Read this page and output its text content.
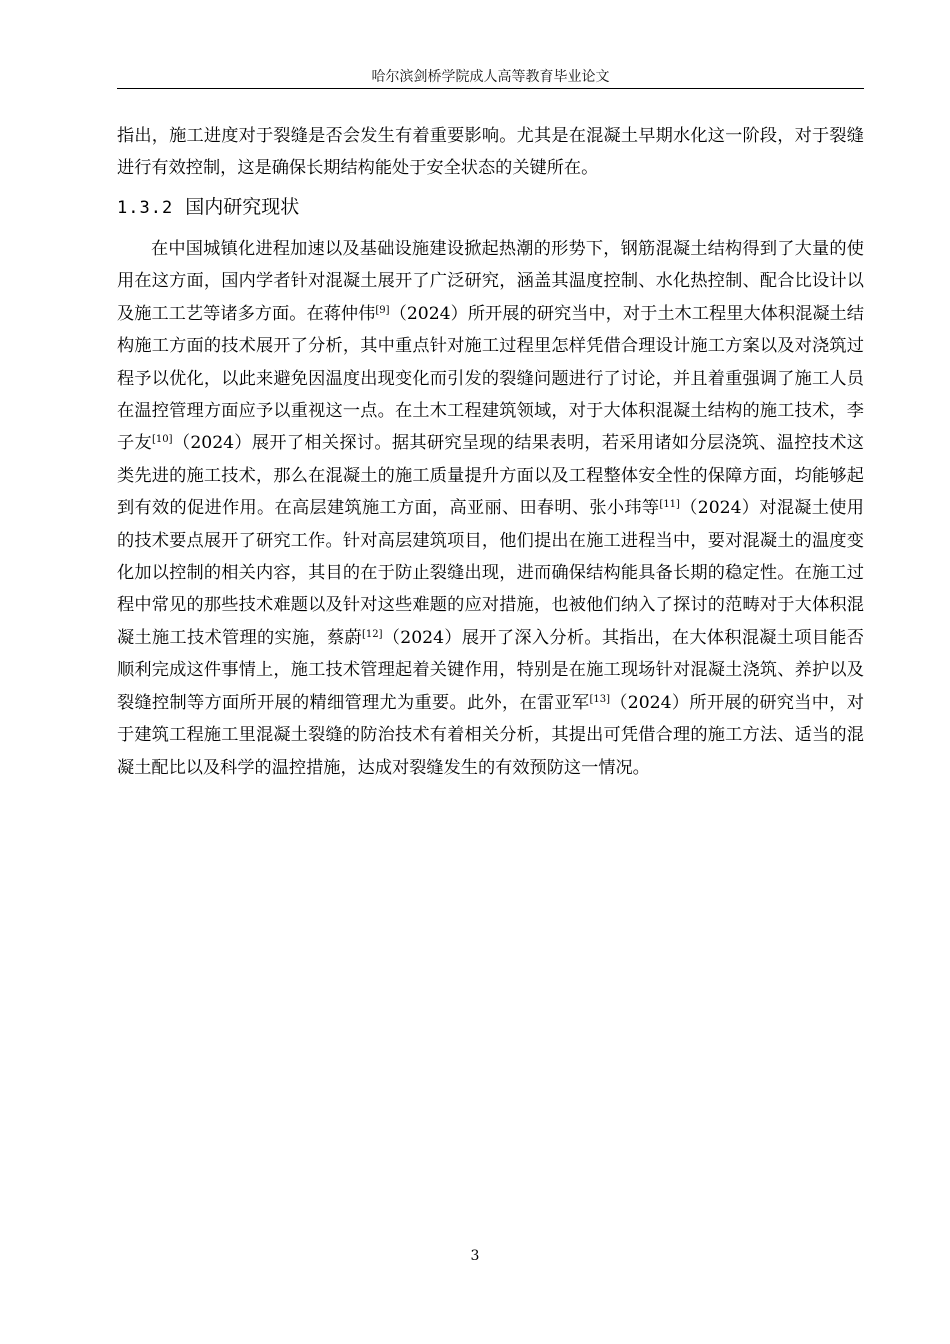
哈尔滨剑桥学院成人高等教育毕业论文

指出，施工进度对于裂缝是否会发生有着重要影响。尤其是在混凝土早期水化这一阶段，对于裂缝进行有效控制，这是确保长期结构能处于安全状态的关键所在。

1.3.2 国内研究现状

在中国城镇化进程加速以及基础设施建设掀起热潮的形势下，钢筋混凝土结构得到了大量的使用在这方面，国内学者针对混凝土展开了广泛研究，涵盖其温度控制、水化热控制、配合比设计以及施工工艺等诸多方面。在蒋仲伟[9]（2024）所开展的研究当中，对于土木工程里大体积混凝土结构施工方面的技术展开了分析，其中重点针对施工过程里怎样凭借合理设计施工方案以及对浇筑过程予以优化，以此来避免因温度出现变化而引发的裂缝问题进行了讨论，并且着重强调了施工人员在温控管理方面应予以重视这一点。在土木工程建筑领域，对于大体积混凝土结构的施工技术，李子友[10]（2024）展开了相关探讨。据其研究呈现的结果表明，若采用诸如分层浇筑、温控技术这类先进的施工技术，那么在混凝土的施工质量提升方面以及工程整体安全性的保障方面，均能够起到有效的促进作用。在高层建筑施工方面，高亚丽、田春明、张小玮等[11]（2024）对混凝土使用的技术要点展开了研究工作。针对高层建筑项目，他们提出在施工进程当中，要对混凝土的温度变化加以控制的相关内容，其目的在于防止裂缝出现，进而确保结构能具备长期的稳定性。在施工过程中常见的那些技术难题以及针对这些难题的应对措施，也被他们纳入了探讨的范畴对于大体积混凝土施工技术管理的实施，蔡蔚[12]（2024）展开了深入分析。其指出，在大体积混凝土项目能否顺利完成这件事情上，施工技术管理起着关键作用，特别是在施工现场针对混凝土浇筑、养护以及裂缝控制等方面所开展的精细管理尤为重要。此外，在雷亚军[13]（2024）所开展的研究当中，对于建筑工程施工里混凝土裂缝的防治技术有着相关分析，其提出可凭借合理的施工方法、适当的混凝土配比以及科学的温控措施，达成对裂缝发生的有效预防这一情况。

3
